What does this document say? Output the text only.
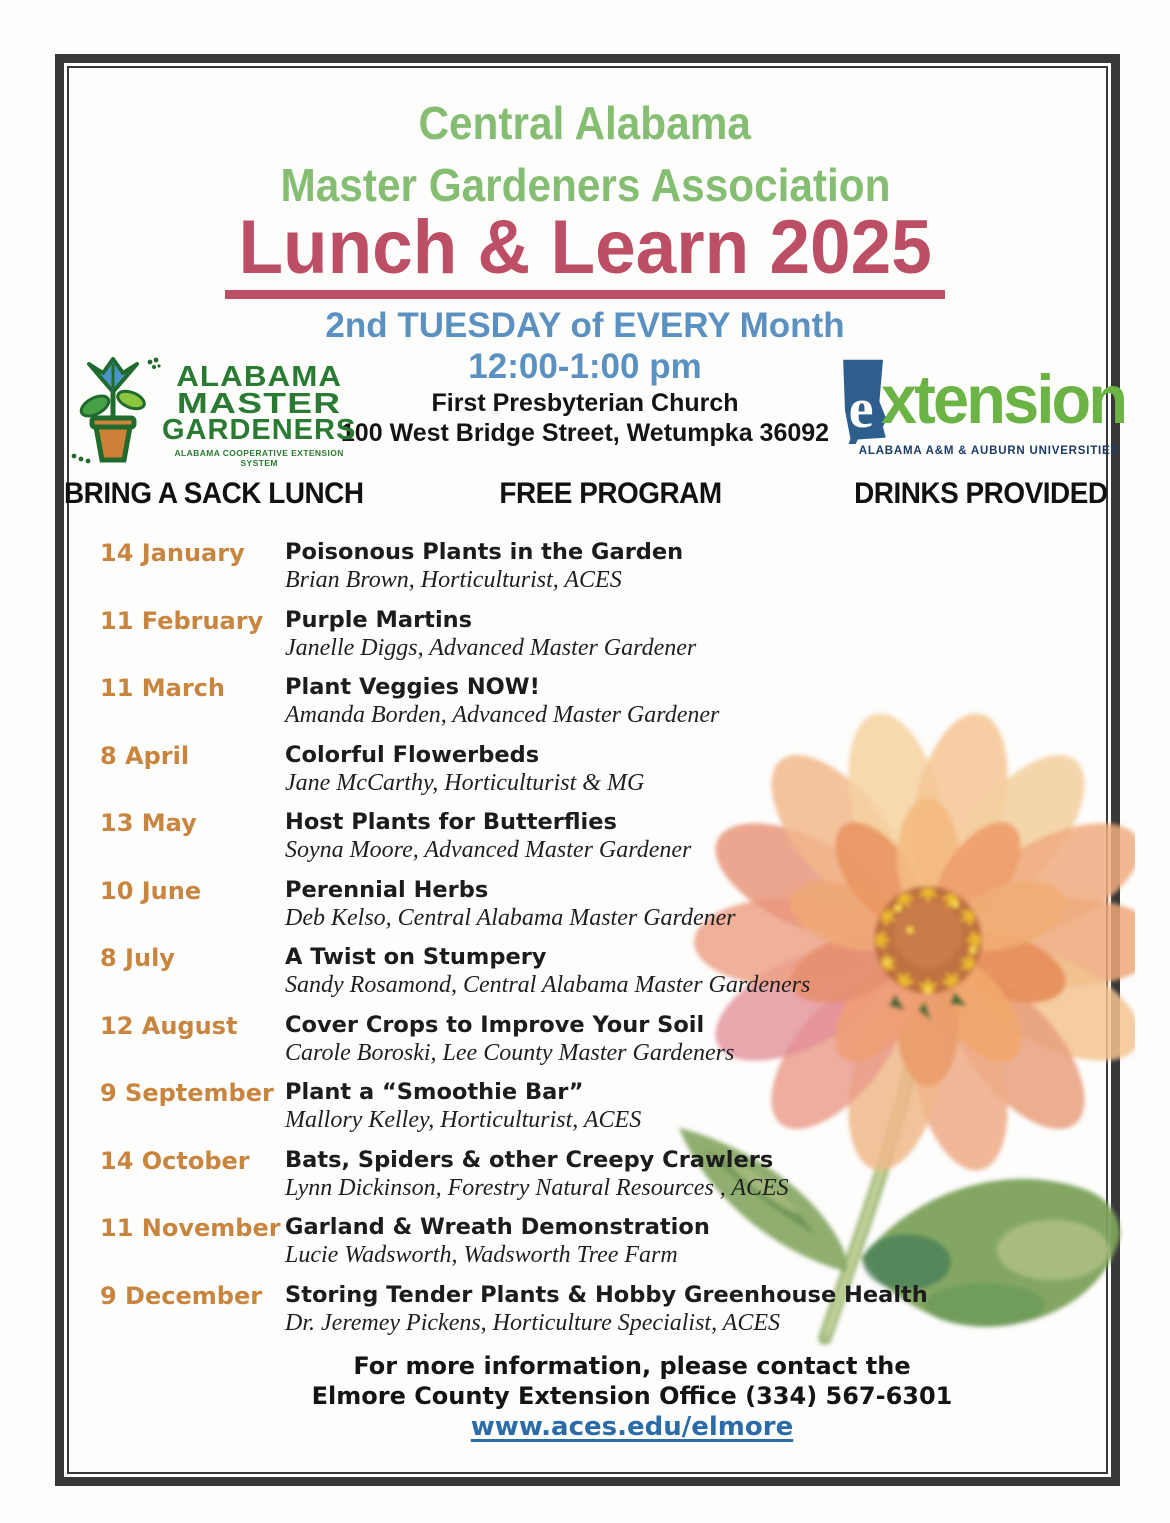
Central Alabama
Master Gardeners Association
Lunch & Learn 2025
2nd TUESDAY of EVERY Month
12:00-1:00 pm
First Presbyterian Church
100 West Bridge Street, Wetumpka 36092
ALABAMA
MASTER
GARDENERS
ALABAMA COOPERATIVE EXTENSION SYSTEM
e xtension
ALABAMA A&M & AUBURN UNIVERSITIES
BRING A SACK LUNCH	FREE PROGRAM	DRINKS PROVIDED
14 January	Poisonous Plants in the Garden
Brian Brown, Horticulturist, ACES
11 February Purple Martins
Janelle Diggs, Advanced Master Gardener
11 March	Plant Veggies NOW!
Amanda Borden, Advanced Master Gardener
8 April	Colorful Flowerbeds
Jane McCarthy, Horticulturist & MG
13 May	Host Plants for Butterflies
Soyna Moore, Advanced Master Gardener
10 June	Perennial Herbs
Deb Kelso, Central Alabama Master Gardener
8 July	A Twist on Stumpery
Sandy Rosamond, Central Alabama Master Gardeners
12 August	Cover Crops to Improve Your Soil
Carole Boroski, Lee County Master Gardeners
9 September Plant a “Smoothie Bar”
Mallory Kelley, Horticulturist, ACES
14 October	Bats, Spiders & other Creepy Crawlers
Lynn Dickinson, Forestry Natural Resources , ACES
11 November Garland & Wreath Demonstration
Lucie Wadsworth, Wadsworth Tree Farm
9 December	Storing Tender Plants & Hobby Greenhouse Health
Dr. Jeremey Pickens, Horticulture Specialist, ACES
For more information, please contact the
Elmore County Extension Office (334) 567-6301
www.aces.edu/elmore
